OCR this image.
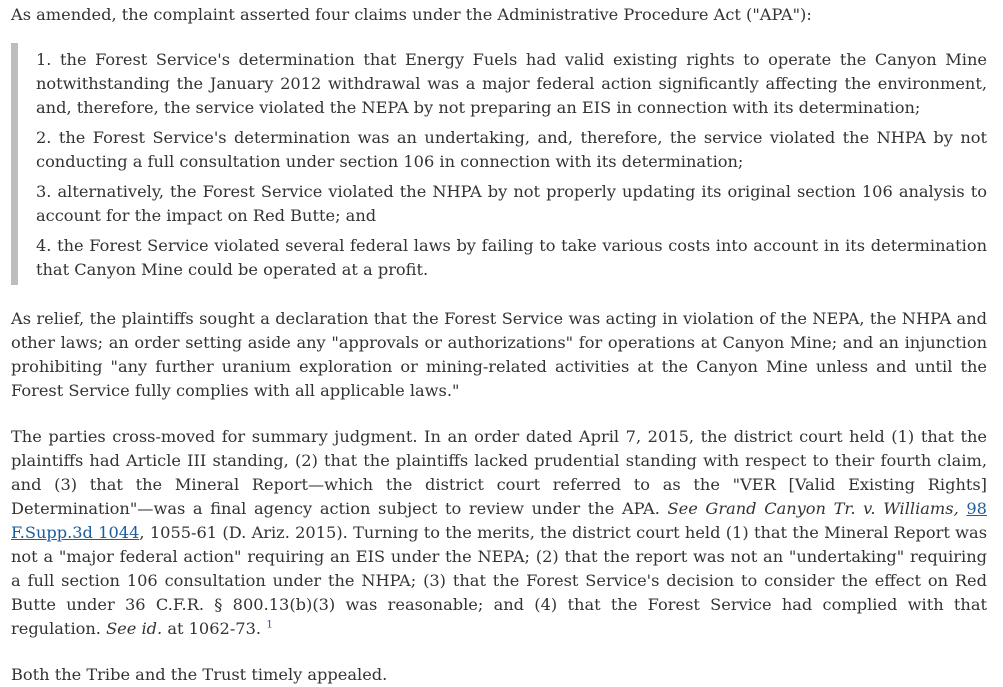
As amended, the complaint asserted four claims under the Administrative Procedure Act ("APA"):

1. the Forest Service's determination that Energy Fuels had valid existing rights to operate the Canyon Mine notwithstanding the January 2012 withdrawal was a major federal action significantly affecting the environment, and, therefore, the service violated the NEPA by not preparing an EIS in connection with its determination;

2. the Forest Service's determination was an undertaking, and, therefore, the service violated the NHPA by not conducting a full consultation under section 106 in connection with its determination;

3. alternatively, the Forest Service violated the NHPA by not properly updating its original section 106 analysis to account for the impact on Red Butte; and

4. the Forest Service violated several federal laws by failing to take various costs into account in its determination that Canyon Mine could be operated at a profit.

As relief, the plaintiffs sought a declaration that the Forest Service was acting in violation of the NEPA, the NHPA and other laws; an order setting aside any "approvals or authorizations" for operations at Canyon Mine; and an injunction prohibiting "any further uranium exploration or mining-related activities at the Canyon Mine unless and until the Forest Service fully complies with all applicable laws."

The parties cross-moved for summary judgment. In an order dated April 7, 2015, the district court held (1) that the plaintiffs had Article III standing, (2) that the plaintiffs lacked prudential standing with respect to their fourth claim, and (3) that the Mineral Report—which the district court referred to as the "VER [Valid Existing Rights] Determination"—was a final agency action subject to review under the APA. See Grand Canyon Tr. v. Williams, 98 F.Supp.3d 1044, 1055-61 (D. Ariz. 2015). Turning to the merits, the district court held (1) that the Mineral Report was not a "major federal action" requiring an EIS under the NEPA; (2) that the report was not an "undertaking" requiring a full section 106 consultation under the NHPA; (3) that the Forest Service's decision to consider the effect on Red Butte under 36 C.F.R. § 800.13(b)(3) was reasonable; and (4) that the Forest Service had complied with that regulation. See id. at 1062-73. $^1$

Both the Tribe and the Trust timely appealed.
